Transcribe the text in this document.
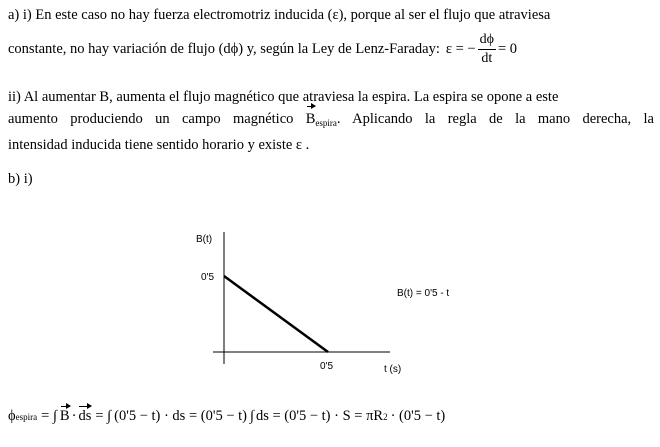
a) i) En este caso no hay fuerza electromotriz inducida (ε), porque al ser el flujo que atraviesa
constante, no hay variación de flujo (dϕ) y, según la Ley de Lenz-Faraday: ε = − $\frac{d\phi}{dt} = 0$
ii) Al aumentar B, aumenta el flujo magnético que atraviesa la espira. La espira se opone a este
aumento produciendo un campo magnético $B_{espira}$. Aplicando la regla de la mano derecha, la
intensidad inducida tiene sentido horario y existe ε .
b) i)
B(t)
t (s)
0'5
0'5
B(t) = 0'5 - t
ϕ espira = ∫ B · ds = ∫ (0'5 − t) · ds = (0'5 − t) ∫ ds = (0'5 − t) · S = πR 2 · (0'5 − t)
